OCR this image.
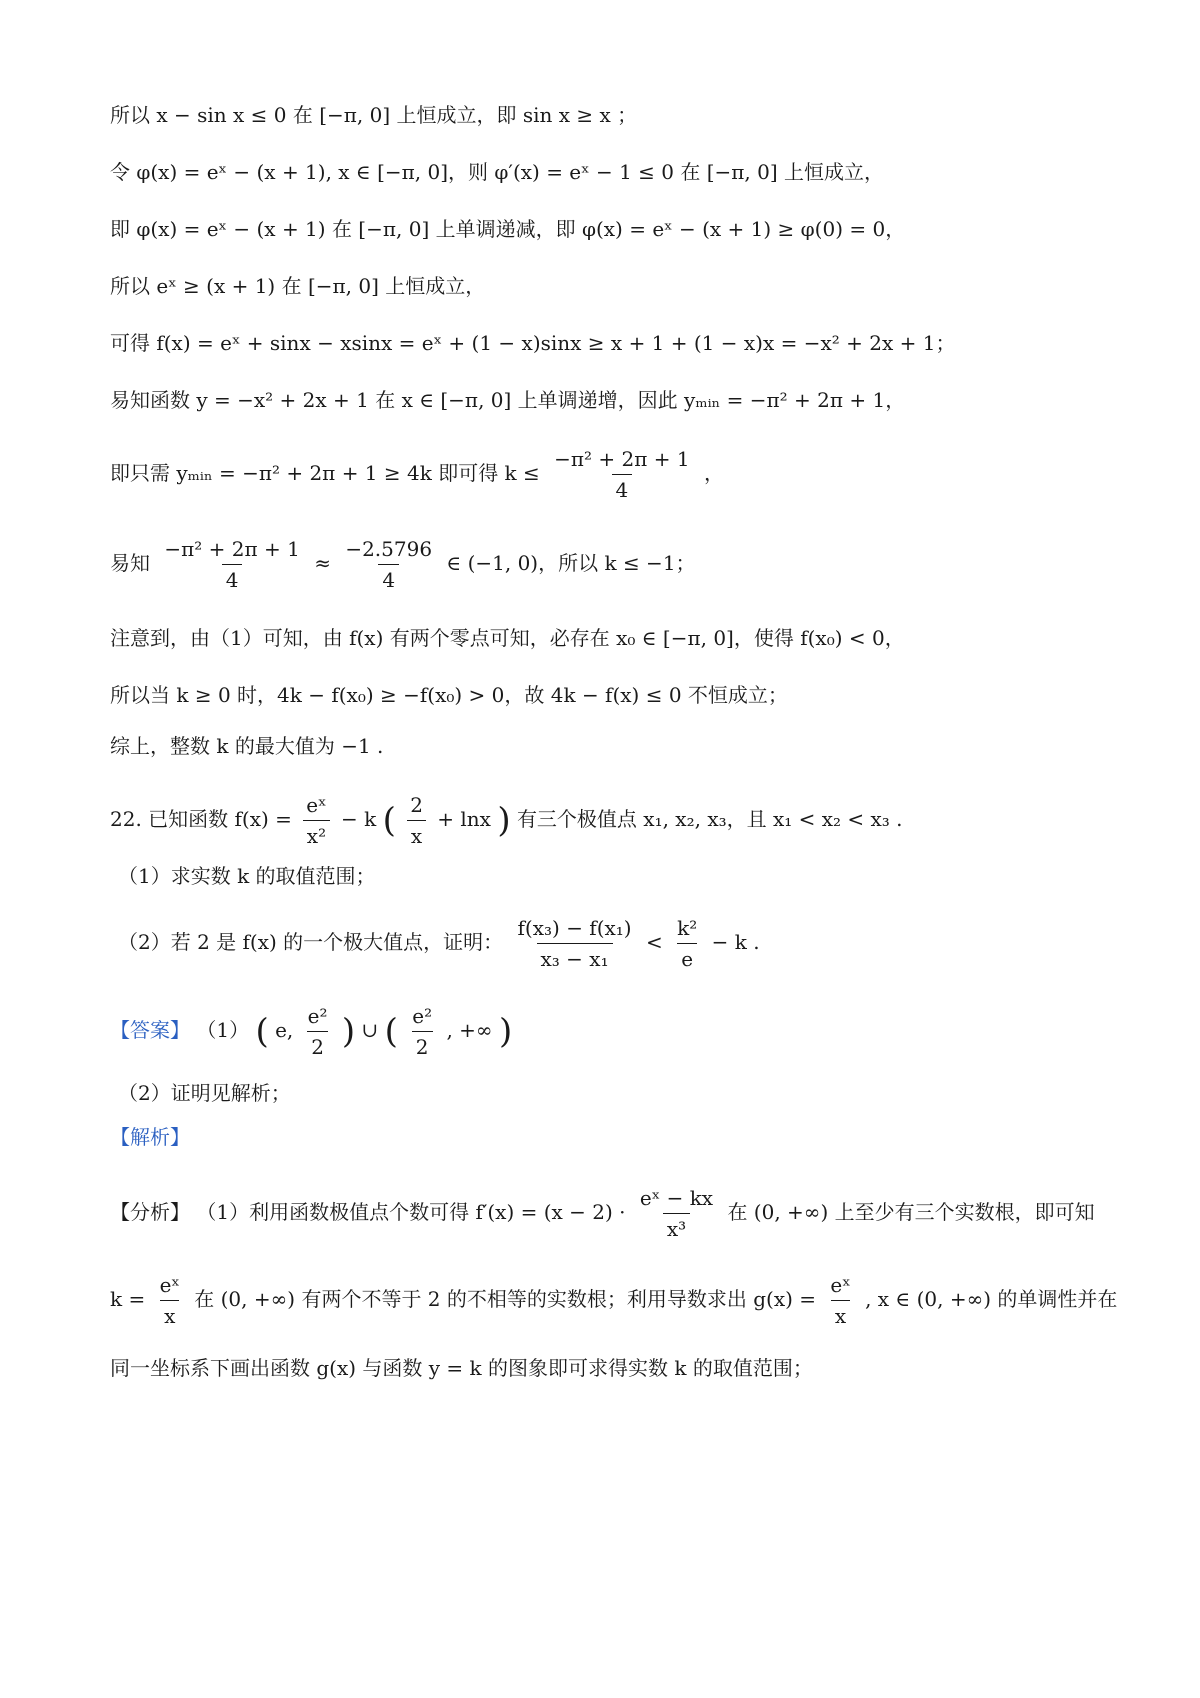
所以 x − sin x ≤ 0 在 [−π, 0] 上恒成立，即 sin x ≥ x ；
令 φ(x) = eˣ − (x + 1), x ∈ [−π, 0]，则 φ′(x) = eˣ − 1 ≤ 0 在 [−π, 0] 上恒成立，
即 φ(x) = eˣ − (x + 1) 在 [−π, 0] 上单调递减，即 φ(x) = eˣ − (x + 1) ≥ φ(0) = 0，
所以 eˣ ≥ (x + 1) 在 [−π, 0] 上恒成立，
可得 f(x) = eˣ + sinx − xsinx = eˣ + (1 − x)sinx ≥ x + 1 + (1 − x)x = −x² + 2x + 1；
易知函数 y = −x² + 2x + 1 在 x ∈ [−π, 0] 上单调递增，因此 yₘᵢₙ = −π² + 2π + 1，
即只需 yₘᵢₙ = −π² + 2π + 1 ≥ 4k 即可得 $k \le \frac{\text{−π² + 2π + 1}}{4}$ ，
易知 $\frac{\text{−π² + 2π + 1}}{4} \approx \frac{-2.5796}{4}$ ∈ (−1, 0)，所以 k ≤ −1；
注意到，由（1）可知，由 f(x) 有两个零点可知，必存在 x₀ ∈ [−π, 0]，使得 f(x₀) < 0，
所以当 k ≥ 0 时，4k − f(x₀) ≥ −f(x₀) > 0，故 4k − f(x) ≤ 0 不恒成立；
综上，整数 k 的最大值为 −1 .
22. 已知函数 $f(x) = \frac{\text{eˣ}}{\text{x²}} - k$ ( $\frac{2}{x} + \ln x$ ) 有三个极值点 x₁, x₂, x₃，且 x₁ < x₂ < x₃ .
（1）求实数 k 的取值范围；
（2）若 2 是 f(x) 的一个极大值点，证明： $\frac{\text{f(x₃) − f(x₁)}}{\text{x₃ − x₁}} < \frac{\text{k²}}{e} - k$ .
【答案】 （1） ( e, $\frac{\text{e²}}{2}$ ) ∪ ( $\frac{\text{e²}}{2}$ , +∞ )
（2）证明见解析；
【解析】
【分析】 （1）利用函数极值点个数可得 $f'(x) = (x - 2) \cdot \frac{\text{eˣ − kx}}{\text{x³}}$ 在 (0, +∞) 上至少有三个实数根，即可知
$k = \frac{\text{eˣ}}{x}$ 在 (0, +∞) 有两个不等于 2 的不相等的实数根；利用导数求出 $g(x) = \frac{\text{eˣ}}{x}$ , x ∈ (0, +∞) 的单调性并在
同一坐标系下画出函数 g(x) 与函数 y = k 的图象即可求得实数 k 的取值范围；
